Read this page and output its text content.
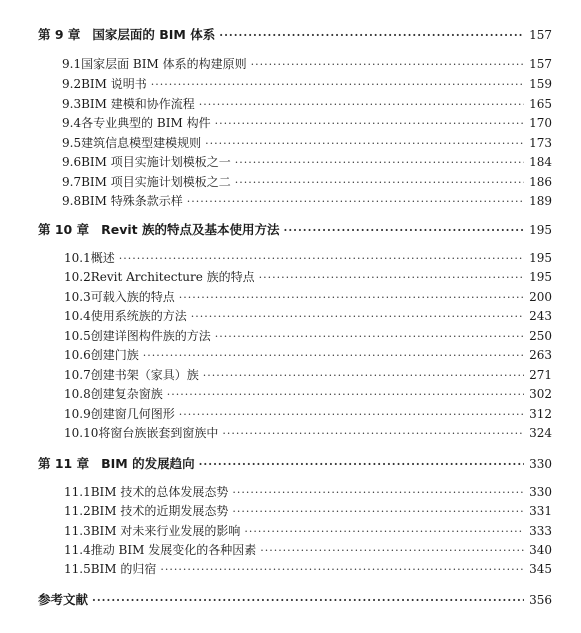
第 9 章 国家层面的 BIM 体系 ·····	157
9.1 国家层面 BIM 体系的构建原则 ·····	157
9.2 BIM 说明书 ·····	159
9.3 BIM 建模和协作流程 ·····	165
9.4 各专业典型的 BIM 构件 ·····	170
9.5 建筑信息模型建模规则 ·····	173
9.6 BIM 项目实施计划模板之一 ·····	184
9.7 BIM 项目实施计划模板之二 ·····	186
9.8 BIM 特殊条款示样 ·····	189
第 10 章 Revit 族的特点及基本使用方法 ·····	195
10.1 概述 ·····	195
10.2 Revit Architecture 族的特点 ·····	195
10.3 可载入族的特点 ·····	200
10.4 使用系统族的方法 ·····	243
10.5 创建详图构件族的方法 ·····	250
10.6 创建门族 ·····	263
10.7 创建书架（家具）族 ·····	271
10.8 创建复杂窗族 ·····	302
10.9 创建窗几何图形 ·····	312
10.10 将窗台族嵌套到窗族中 ·····	324
第 11 章 BIM 的发展趋向 ·····	330
11.1 BIM 技术的总体发展态势 ·····	330
11.2 BIM 技术的近期发展态势 ·····	331
11.3 BIM 对未来行业发展的影响 ·····	333
11.4 推动 BIM 发展变化的各种因素 ·····	340
11.5 BIM 的归宿 ·····	345
参考文献 ·····	356
